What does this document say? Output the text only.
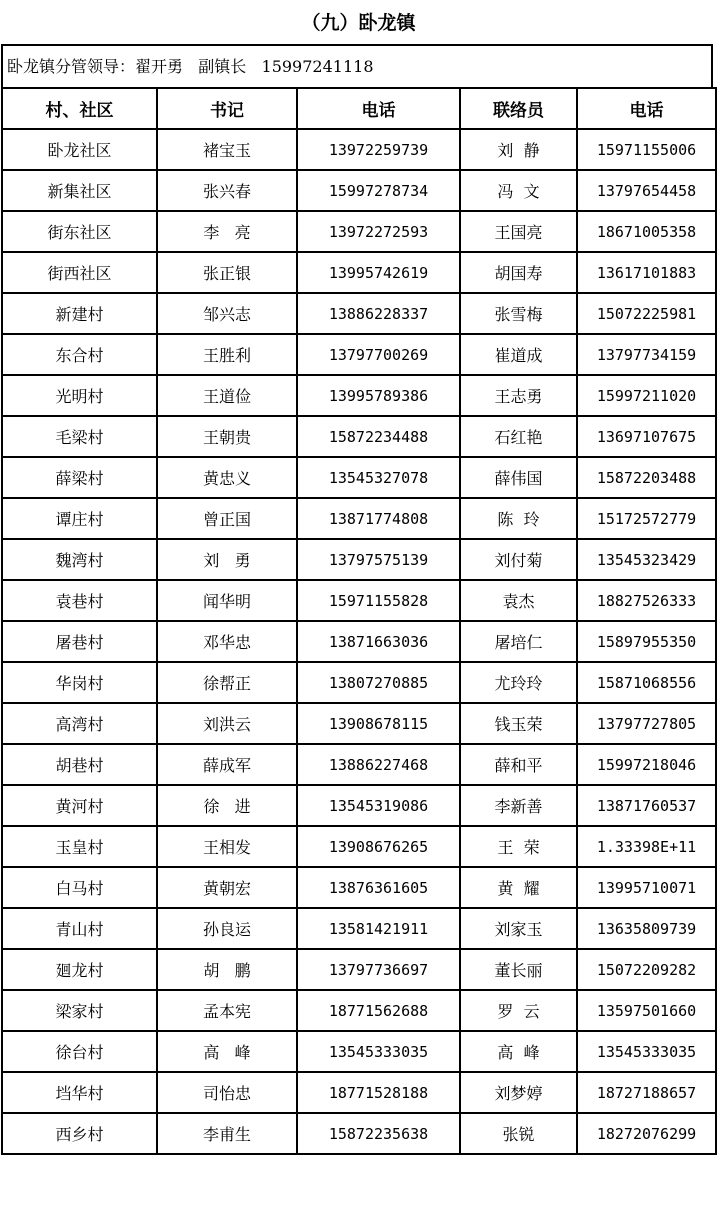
（九）卧龙镇
卧龙镇分管领导：翟开勇   副镇长   15997241118
村、社区	书记	电话	联络员	电话
卧龙社区	褚宝玉	13972259739	刘  静	15971155006
新集社区	张兴春	15997278734	冯  文	13797654458
街东社区	李   亮	13972272593	王国亮	18671005358
街西社区	张正银	13995742619	胡国寿	13617101883
新建村	邹兴志	13886228337	张雪梅	15072225981
东合村	王胜利	13797700269	崔道成	13797734159
光明村	王道俭	13995789386	王志勇	15997211020
毛梁村	王朝贵	15872234488	石红艳	13697107675
薛梁村	黄忠义	13545327078	薛伟国	15872203488
谭庄村	曾正国	13871774808	陈  玲	15172572779
魏湾村	刘   勇	13797575139	刘付菊	13545323429
袁巷村	闻华明	15971155828	袁杰	18827526333
屠巷村	邓华忠	13871663036	屠培仁	15897955350
华岗村	徐帮正	13807270885	尤玲玲	15871068556
高湾村	刘洪云	13908678115	钱玉荣	13797727805
胡巷村	薛成军	13886227468	薛和平	15997218046
黄河村	徐   进	13545319086	李新善	13871760537
玉皇村	王相发	13908676265	王  荣	1.33398E+11
白马村	黄朝宏	13876361605	黄  耀	13995710071
青山村	孙良运	13581421911	刘家玉	13635809739
廻龙村	胡   鹏	13797736697	董长丽	15072209282
梁家村	孟本宪	18771562688	罗  云	13597501660
徐台村	高   峰	13545333035	高  峰	13545333035
垱华村	司怡忠	18771528188	刘梦婷	18727188657
西乡村	李甫生	15872235638	张锐	18272076299
